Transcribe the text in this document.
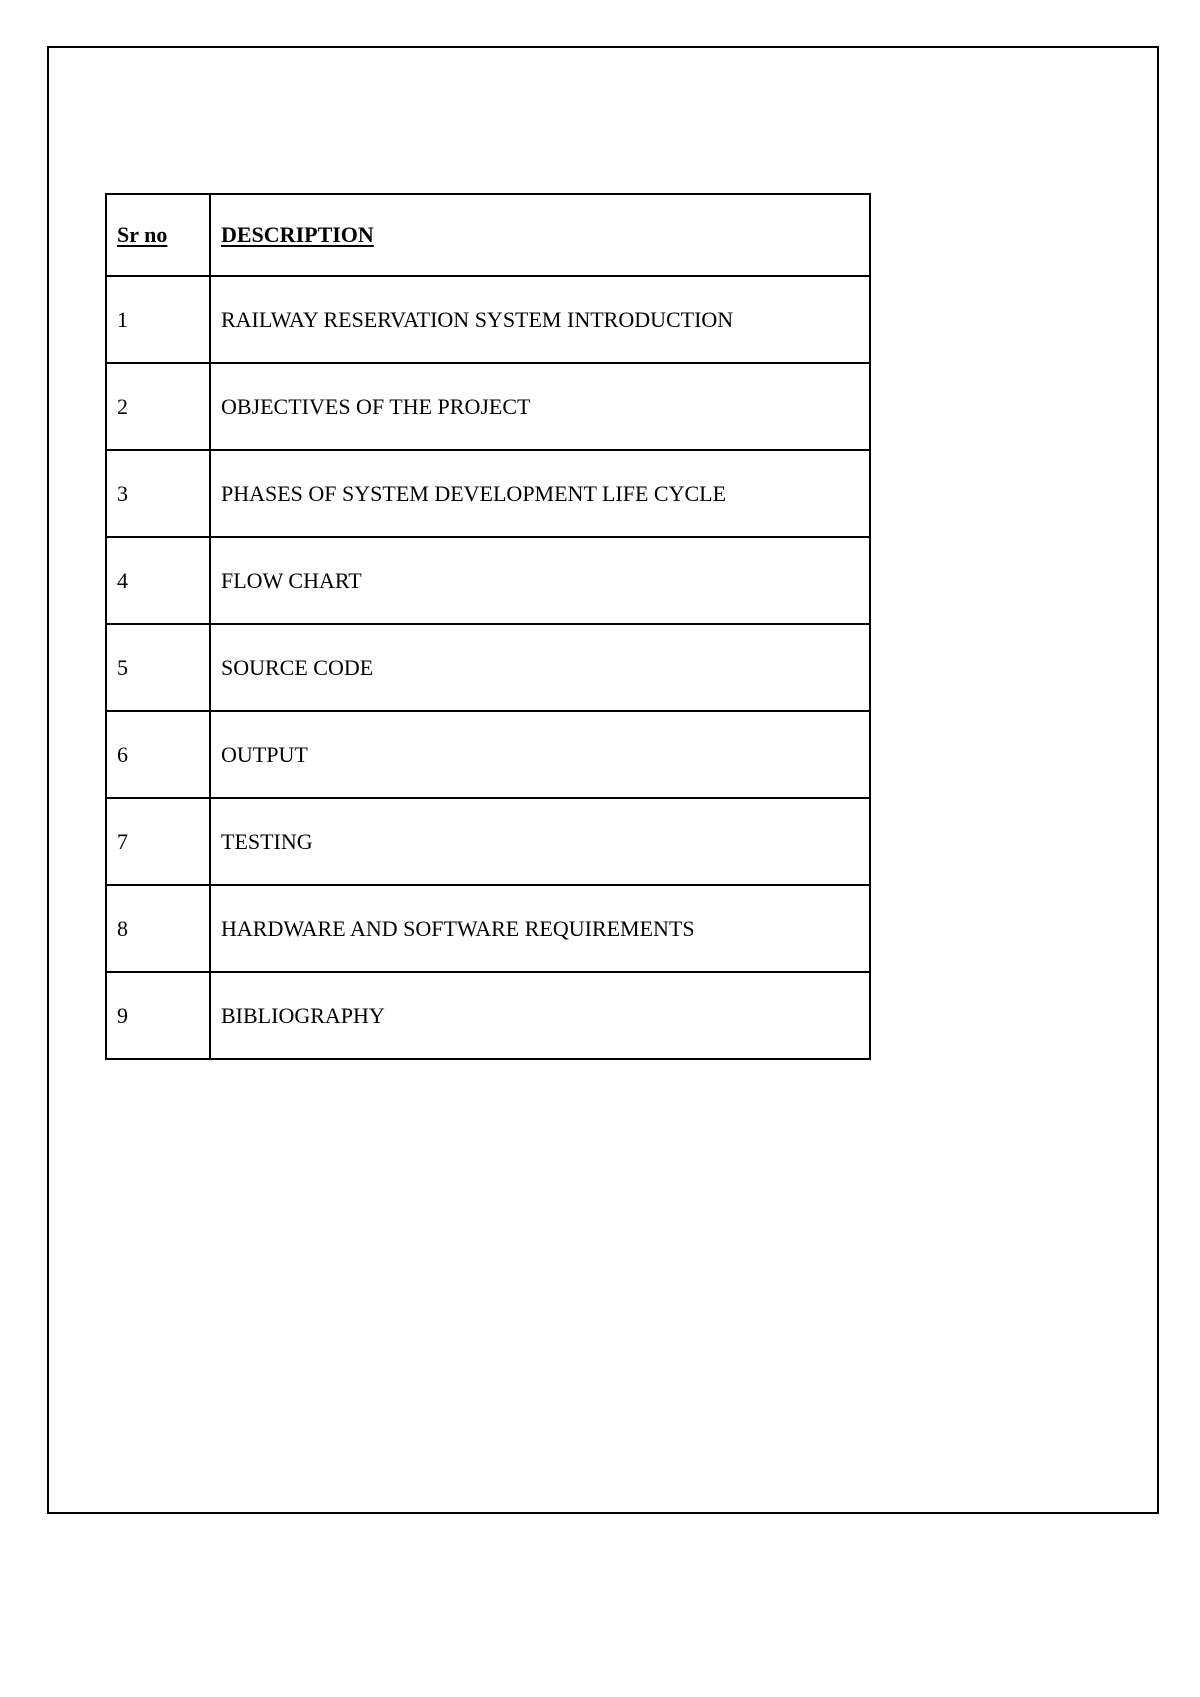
Sr no	DESCRIPTION
1	RAILWAY RESERVATION SYSTEM INTRODUCTION
2	OBJECTIVES OF THE PROJECT
3	PHASES OF SYSTEM DEVELOPMENT LIFE CYCLE
4	FLOW CHART
5	SOURCE CODE
6	OUTPUT
7	TESTING
8	HARDWARE AND SOFTWARE REQUIREMENTS
9	BIBLIOGRAPHY
